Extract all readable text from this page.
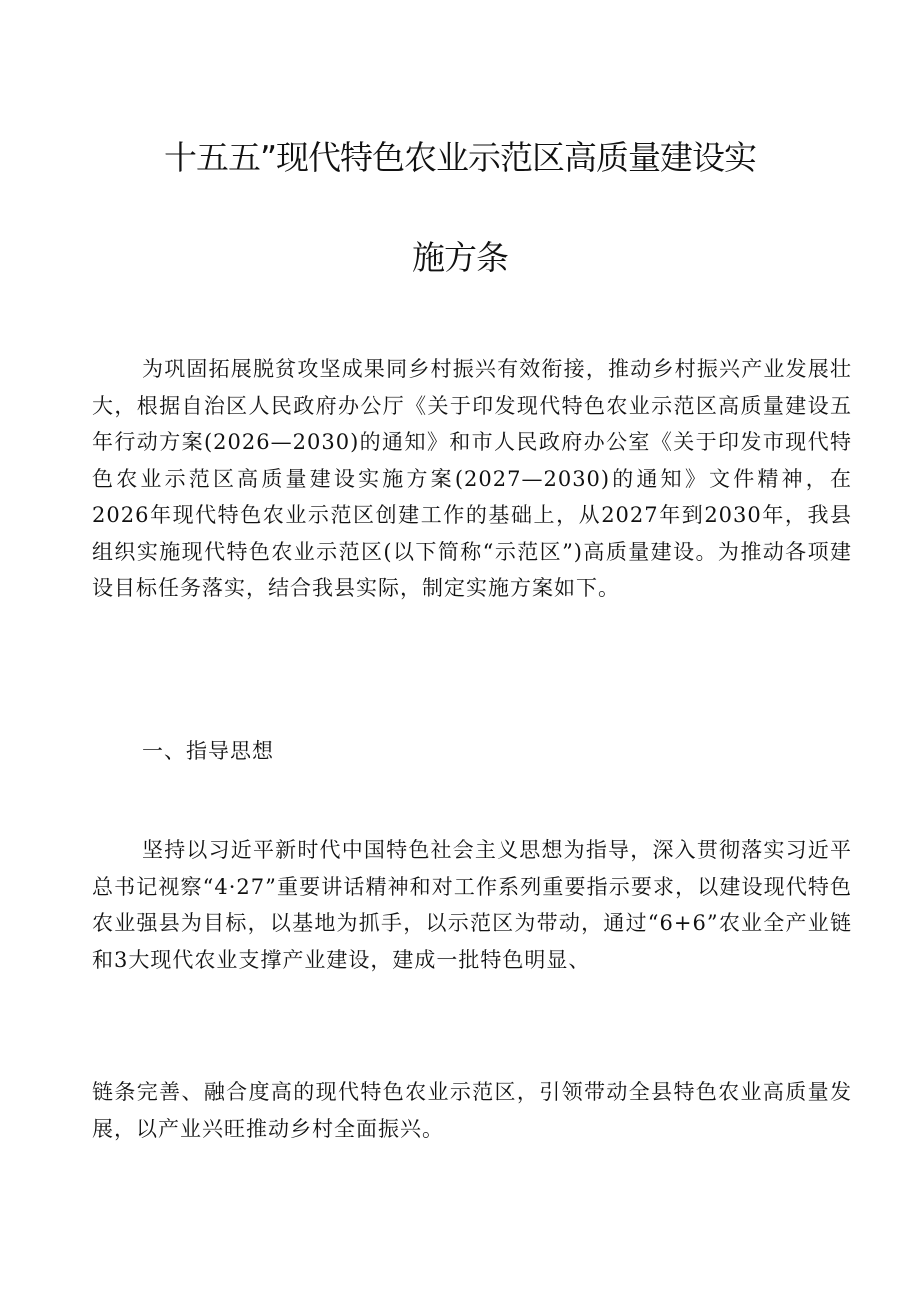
十五五”现代特色农业示范区高质量建设实
施方条

为巩固拓展脱贫攻坚成果同乡村振兴有效衔接，推动乡村振兴产业发展壮大，根据自治区人民政府办公厅《关于印发现代特色农业示范区高质量建设五年行动方案(2026—2030)的通知》和市人民政府办公室《关于印发市现代特色农业示范区高质量建设实施方案(2027—2030)的通知》文件精神，在2026年现代特色农业示范区创建工作的基础上，从2027年到2030年，我县组织实施现代特色农业示范区(以下简称“示范区”)高质量建设。为推动各项建设目标任务落实，结合我县实际，制定实施方案如下。

一、指导思想

坚持以习近平新时代中国特色社会主义思想为指导，深入贯彻落实习近平总书记视察“4·27”重要讲话精神和对工作系列重要指示要求，以建设现代特色农业强县为目标，以基地为抓手，以示范区为带动，通过“6+6”农业全产业链和3大现代农业支撑产业建设，建成一批特色明显、

链条完善、融合度高的现代特色农业示范区，引领带动全县特色农业高质量发展，以产业兴旺推动乡村全面振兴。
